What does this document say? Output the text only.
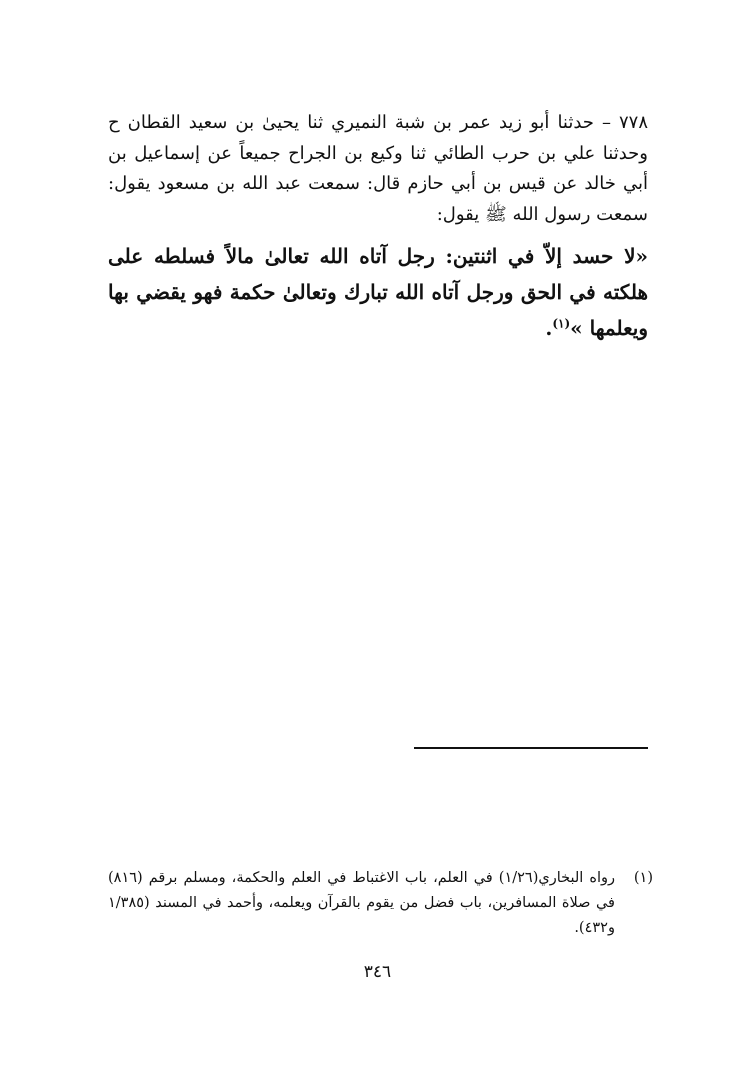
٧٧٨ – حدثنا أبو زيد عمر بن شبة النميري ثنا يحيىٰ بن سعيد القطان ح وحدثنا علي بن حرب الطائي ثنا وكيع بن الجراح جميعاً عن إسماعيل بن أبي خالد عن قيس بن أبي حازم قال: سمعت عبد الله بن مسعود يقول: سمعت رسول الله ﷺ يقول:

«لا حسد إلاّ في اثنتين: رجل آتاه الله تعالىٰ مالاً فسلطه على هلكته في الحق ورجل آتاه الله تبارك وتعالىٰ حكمة فهو يقضي بها ويعلمها »$^{(١)}$.

(١)
رواه البخاري(١/٢٦) في العلم، باب الاغتباط في العلم والحكمة، ومسلم برقم (٨١٦) في صلاة المسافرين، باب فضل من يقوم بالقرآن ويعلمه، وأحمد في المسند (١/٣٨٥ و٤٣٢).
٣٤٦
